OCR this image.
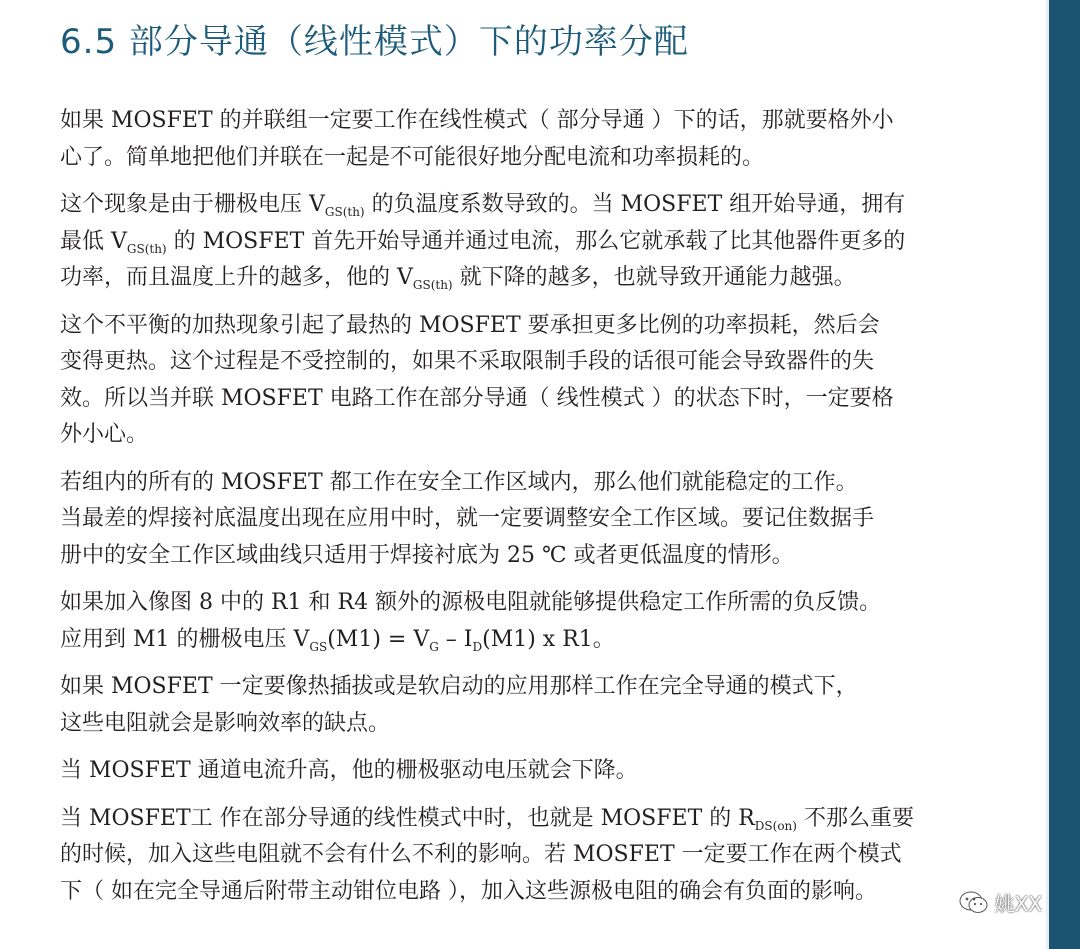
6.5 部分导通（线性模式）下的功率分配

如果 MOSFET 的并联组一定要工作在线性模式（ 部分导通 ）下的话，那就要格外小
心了。简单地把他们并联在一起是不可能很好地分配电流和功率损耗的。

这个现象是由于栅极电压 $V_{GS(th)}$ 的负温度系数导致的。当 MOSFET 组开始导通，拥有
最低 $V_{GS(th)}$ 的 MOSFET 首先开始导通并通过电流，那么它就承载了比其他器件更多的
功率，而且温度上升的越多，他的 $V_{GS(th)}$ 就下降的越多，也就导致开通能力越强。

这个不平衡的加热现象引起了最热的 MOSFET 要承担更多比例的功率损耗，然后会
变得更热。这个过程是不受控制的，如果不采取限制手段的话很可能会导致器件的失
效。所以当并联 MOSFET 电路工作在部分导通（ 线性模式 ）的状态下时，一定要格
外小心。

若组内的所有的 MOSFET 都工作在安全工作区域内，那么他们就能稳定的工作。
当最差的焊接衬底温度出现在应用中时，就一定要调整安全工作区域。要记住数据手
册中的安全工作区域曲线只适用于焊接衬底为 25 ℃ 或者更低温度的情形。

如果加入像图 8 中的 R1 和 R4 额外的源极电阻就能够提供稳定工作所需的负反馈。
应用到 M1 的栅极电压 $V_{GS}(M1) = V_G - I_D(M1)$ x R1。

如果 MOSFET 一定要像热插拔或是软启动的应用那样工作在完全导通的模式下，
这些电阻就会是影响效率的缺点。

当 MOSFET 通道电流升高，他的栅极驱动电压就会下降。

当 MOSFET工 作在部分导通的线性模式中时，也就是 MOSFET 的 $R_{DS(on)}$ 不那么重要
的时候，加入这些电阻就不会有什么不利的影响。若 MOSFET 一定要工作在两个模式
下（ 如在完全导通后附带主动钳位电路 ），加入这些源极电阻的确会有负面的影响。

姚XX
